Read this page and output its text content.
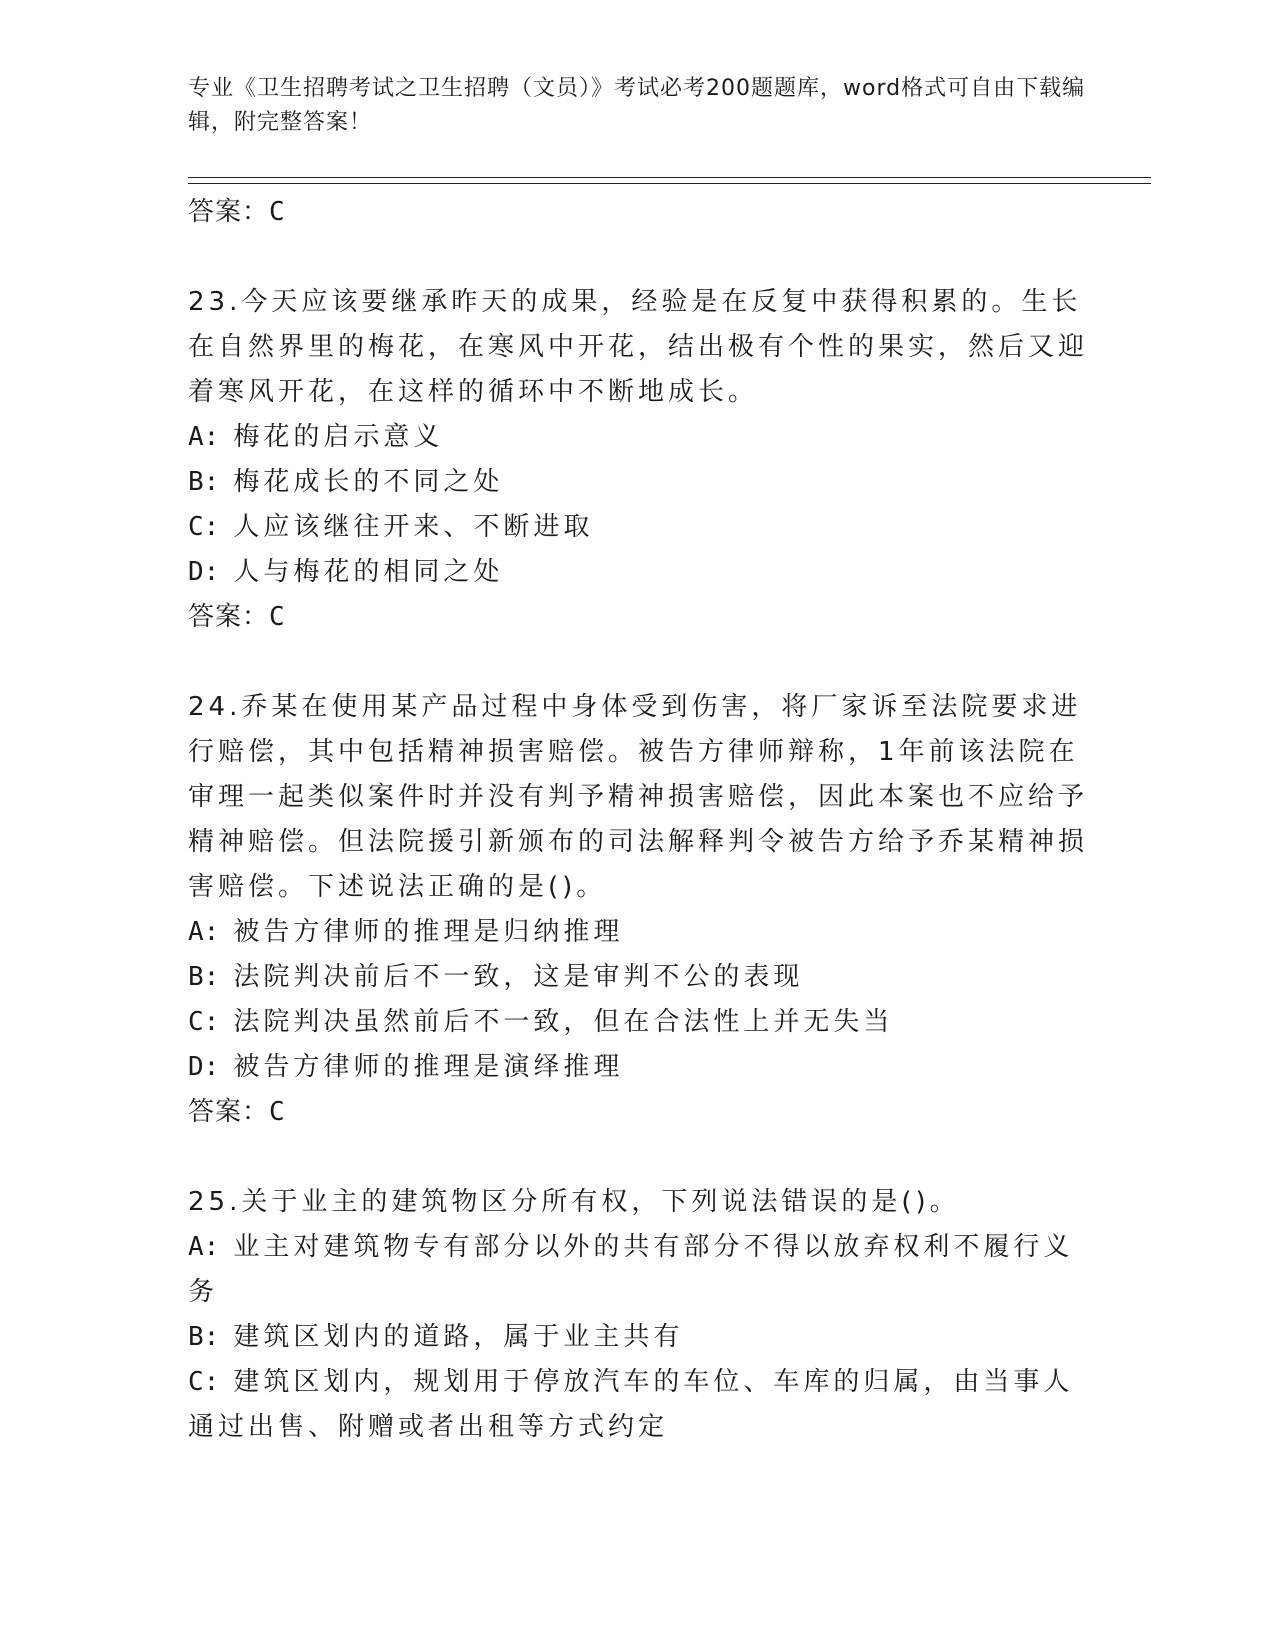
专业《卫生招聘考试之卫生招聘（文员）》考试必考200题题库，word格式可自由下载编辑，附完整答案！

答案：C

23.今天应该要继承昨天的成果，经验是在反复中获得积累的。生长在自然界里的梅花，在寒风中开花，结出极有个性的果实，然后又迎着寒风开花，在这样的循环中不断地成长。

A: 梅花的启示意义

B: 梅花成长的不同之处

C: 人应该继往开来、不断进取

D: 人与梅花的相同之处

答案：C

24.乔某在使用某产品过程中身体受到伤害，将厂家诉至法院要求进行赔偿，其中包括精神损害赔偿。被告方律师辩称，1年前该法院在审理一起类似案件时并没有判予精神损害赔偿，因此本案也不应给予精神赔偿。但法院援引新颁布的司法解释判令被告方给予乔某精神损害赔偿。下述说法正确的是()。

A: 被告方律师的推理是归纳推理

B: 法院判决前后不一致，这是审判不公的表现

C: 法院判决虽然前后不一致，但在合法性上并无失当

D: 被告方律师的推理是演绎推理

答案：C

25.关于业主的建筑物区分所有权，下列说法错误的是()。

A: 业主对建筑物专有部分以外的共有部分不得以放弃权利不履行义务

B: 建筑区划内的道路，属于业主共有

C: 建筑区划内，规划用于停放汽车的车位、车库的归属，由当事人通过出售、附赠或者出租等方式约定
